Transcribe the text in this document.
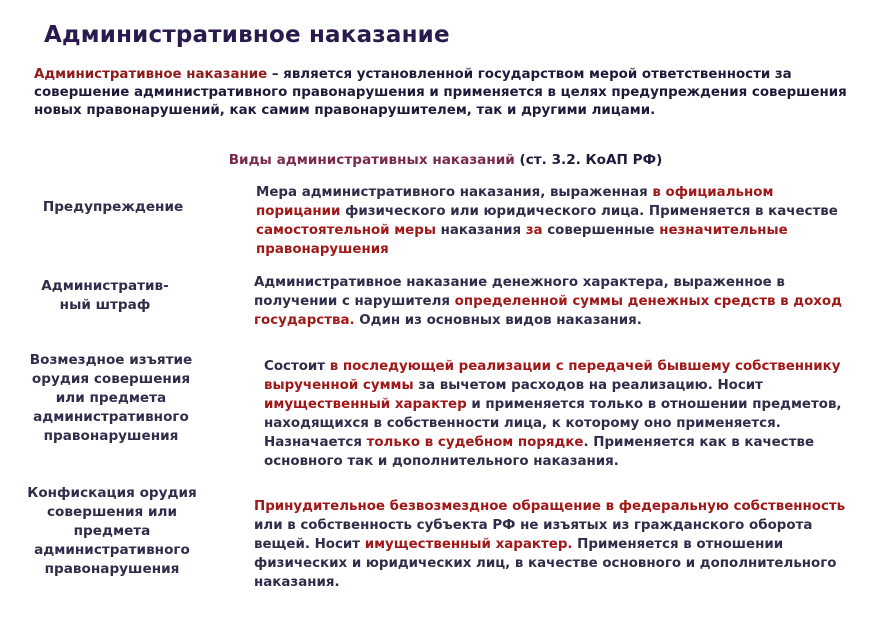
Административное наказание
Административное наказание – является установленной государством мерой ответственности за совершение административного правонарушения и применяется в целях предупреждения совершения новых правонарушений, как самим правонарушителем, так и другими лицами.
Виды административных наказаний (ст. 3.2. КоАП РФ)
Предупреждение
Мера административного наказания, выраженная в официальном порицании физического или юридического лица. Применяется в качестве самостоятельной меры наказания за совершенные незначительные правонарушения
Административ-ный штраф
Административное наказание денежного характера, выраженное в получении с нарушителя определенной суммы денежных средств в доход государства. Один из основных видов наказания.
Возмездное изъятие орудия совершения или предмета административного правонарушения
Состоит в последующей реализации с передачей бывшему собственнику вырученной суммы за вычетом расходов на реализацию. Носит имущественный характер и применяется только в отношении предметов, находящихся в собственности лица, к которому оно применяется. Назначается только в судебном порядке. Применяется как в качестве основного так и дополнительного наказания.
Конфискация орудия совершения или предмета административного правонарушения
Принудительное безвозмездное обращение в федеральную собственность или в собственность субъекта РФ не изъятых из гражданского оборота вещей. Носит имущественный характер. Применяется в отношении физических и юридических лиц, в качестве основного и дополнительного наказания.
